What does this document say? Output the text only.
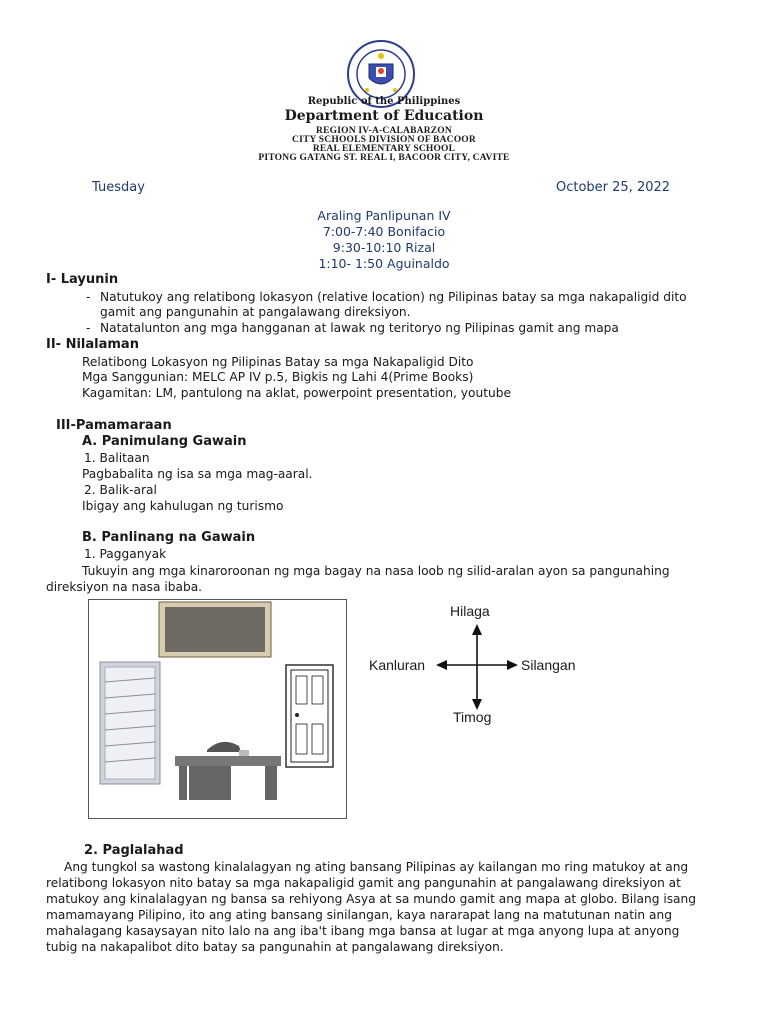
Republic of the Philippines
Department of Education
REGION IV-A-CALABARZON
CITY SCHOOLS DIVISION OF BACOOR
REAL ELEMENTARY SCHOOL
PITONG GATANG ST. REAL I, BACOOR CITY, CAVITE
Tuesday	October 25, 2022
Araling Panlipunan IV
7:00-7:40 Bonifacio
9:30-10:10 Rizal
1:10- 1:50 Aguinaldo
I- Layunin
- Natutukoy ang relatibong lokasyon (relative location) ng Pilipinas batay sa mga nakapaligid dito
gamit ang pangunahin at pangalawang direksiyon.
- Natatalunton ang mga hangganan at lawak ng teritoryo ng Pilipinas gamit ang mapa
II- Nilalaman
Relatibong Lokasyon ng Pilipinas Batay sa mga Nakapaligid Dito
Mga Sanggunian: MELC AP IV p.5, Bigkis ng Lahi 4(Prime Books)
Kagamitan: LM, pantulong na aklat, powerpoint presentation, youtube
III-Pamamaraan
A. Panimulang Gawain
1. Balitaan
Pagbabalita ng isa sa mga mag-aaral.
2. Balik-aral
Ibigay ang kahulugan ng turismo
B. Panlinang na Gawain
1. Pagganyak
Tukuyin ang mga kinaroroonan ng mga bagay na nasa loob ng silid-aralan ayon sa pangunahing
direksiyon na nasa ibaba.
Hilaga
Timog
Kanluran	Silangan
2. Paglalahad
Ang tungkol sa wastong kinalalagyan ng ating bansang Pilipinas ay kailangan mo ring matukoy at ang
relatibong lokasyon nito batay sa mga nakapaligid gamit ang pangunahin at pangalawang direksiyon at
matukoy ang kinalalagyan ng bansa sa rehiyong Asya at sa mundo gamit ang mapa at globo. Bilang isang
mamamayang Pilipino, ito ang ating bansang sinilangan, kaya nararapat lang na matutunan natin ang
mahalagang kasaysayan nito lalo na ang iba't ibang mga bansa at lugar at mga anyong lupa at anyong
tubig na nakapalibot dito batay sa pangunahin at pangalawang direksiyon.
